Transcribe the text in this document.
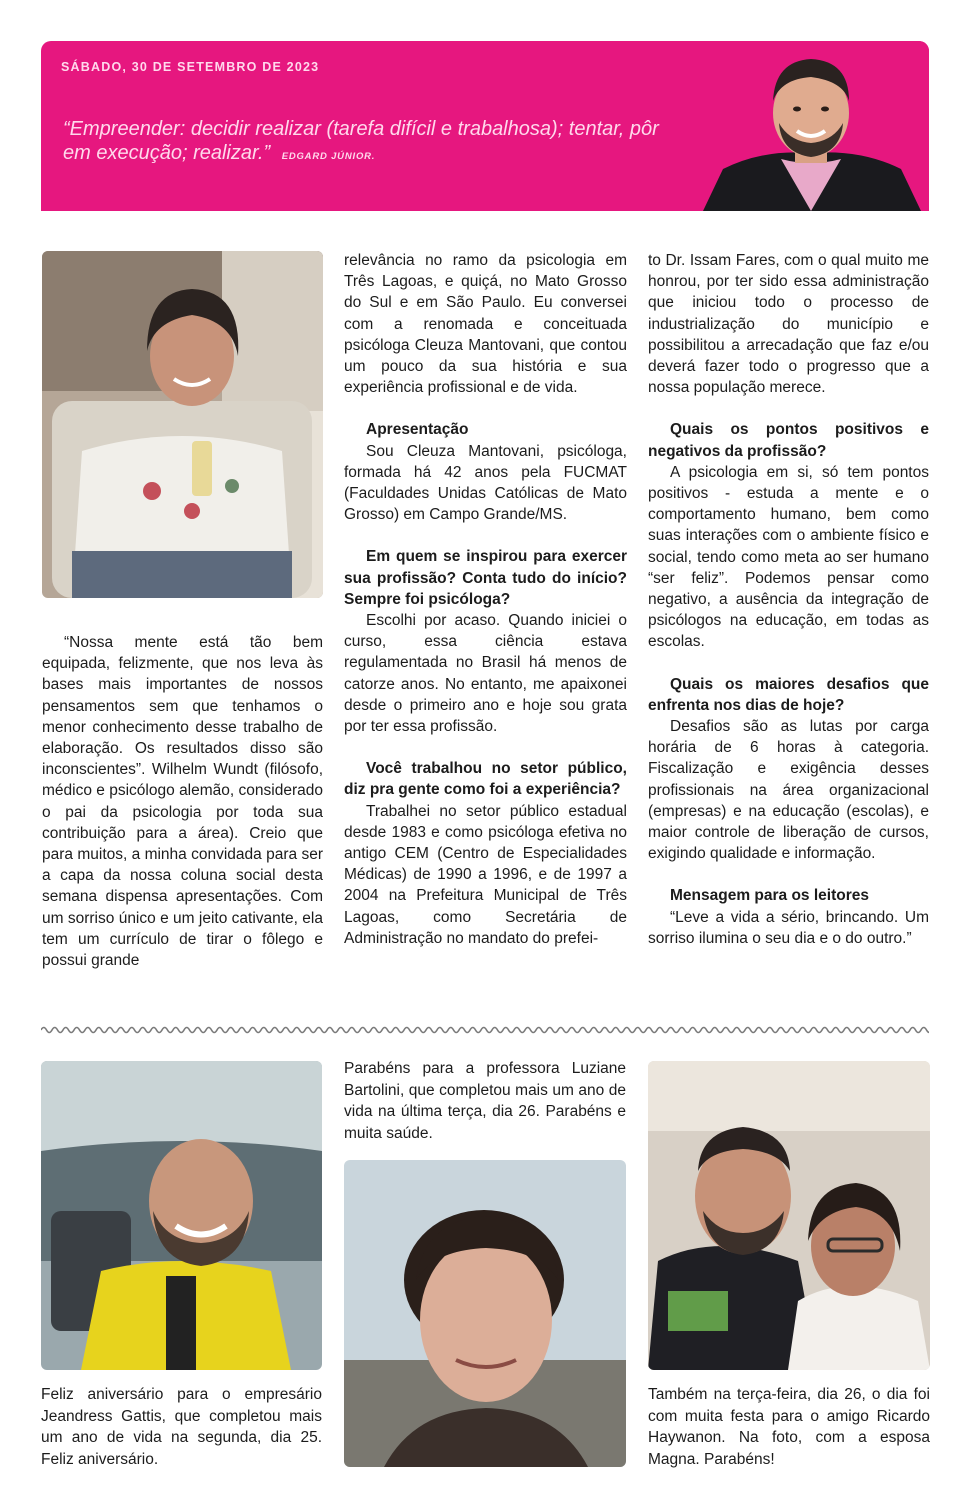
SÁBADO, 30 DE SETEMBRO DE 2023
“Empreender: decidir realizar (tarefa difícil e trabalhosa); tentar, pôr em execução; realizar.” EDGARD JÚNIOR.

“Nossa mente está tão bem equipada, felizmente, que nos leva às bases mais importantes de nossos pensamentos sem que tenhamos o menor conhecimento desse trabalho de elaboração. Os resultados disso são inconscientes”. Wilhelm Wundt (filósofo, médico e psicólogo alemão, considerado o pai da psicologia por toda sua contribuição para a área). Creio que para muitos, a minha convidada para ser a capa da nossa coluna social desta semana dispensa apresentações. Com um sorriso único e um jeito cativante, ela tem um currículo de tirar o fôlego e possui grande

relevância no ramo da psicologia em Três Lagoas, e quiçá, no Mato Grosso do Sul e em São Paulo. Eu conversei com a renomada e conceituada psicóloga Cleuza Mantovani, que contou um pouco da sua história e sua experiência profissional e de vida.

Apresentação

Sou Cleuza Mantovani, psicóloga, formada há 42 anos pela FUCMAT (Faculdades Unidas Católicas de Mato Grosso) em Campo Grande/MS.

Em quem se inspirou para exercer sua profissão? Conta tudo do início? Sempre foi psicóloga?

Escolhi por acaso. Quando iniciei o curso, essa ciência estava regulamentada no Brasil há menos de catorze anos. No entanto, me apaixonei desde o primeiro ano e hoje sou grata por ter essa profissão.

Você trabalhou no setor público, diz pra gente como foi a experiência?

Trabalhei no setor público estadual desde 1983 e como psicóloga efetiva no antigo CEM (Centro de Especialidades Médicas) de 1990 a 1996, e de 1997 a 2004 na Prefeitura Municipal de Três Lagoas, como Secretária de Administração no mandato do prefei-

to Dr. Issam Fares, com o qual muito me honrou, por ter sido essa administração que iniciou todo o processo de industrialização do município e possibilitou a arrecadação que faz e/ou deverá fazer todo o progresso que a nossa população merece.

Quais os pontos positivos e negativos da profissão?

A psicologia em si, só tem pontos positivos - estuda a mente e o comportamento humano, bem como suas interações com o ambiente físico e social, tendo como meta ao ser humano “ser feliz”. Podemos pensar como negativo, a ausência da integração de psicólogos na educação, em todas as escolas.

Quais os maiores desafios que enfrenta nos dias de hoje?

Desafios são as lutas por carga horária de 6 horas à categoria. Fiscalização e exigência desses profissionais na área organizacional (empresas) e na educação (escolas), e maior controle de liberação de cursos, exigindo qualidade e informação.

Mensagem para os leitores

“Leve a vida a sério, brincando. Um sorriso ilumina o seu dia e o do outro.”

Feliz aniversário para o empresário Jeandress Gattis, que completou mais um ano de vida na segunda, dia 25. Feliz aniversário.
Parabéns para a professora Luziane Bartolini, que completou mais um ano de vida na última terça, dia 26. Parabéns e muita saúde.
Também na terça-feira, dia 26, o dia foi com muita festa para o amigo Ricardo Haywanon. Na foto, com a esposa Magna. Parabéns!
